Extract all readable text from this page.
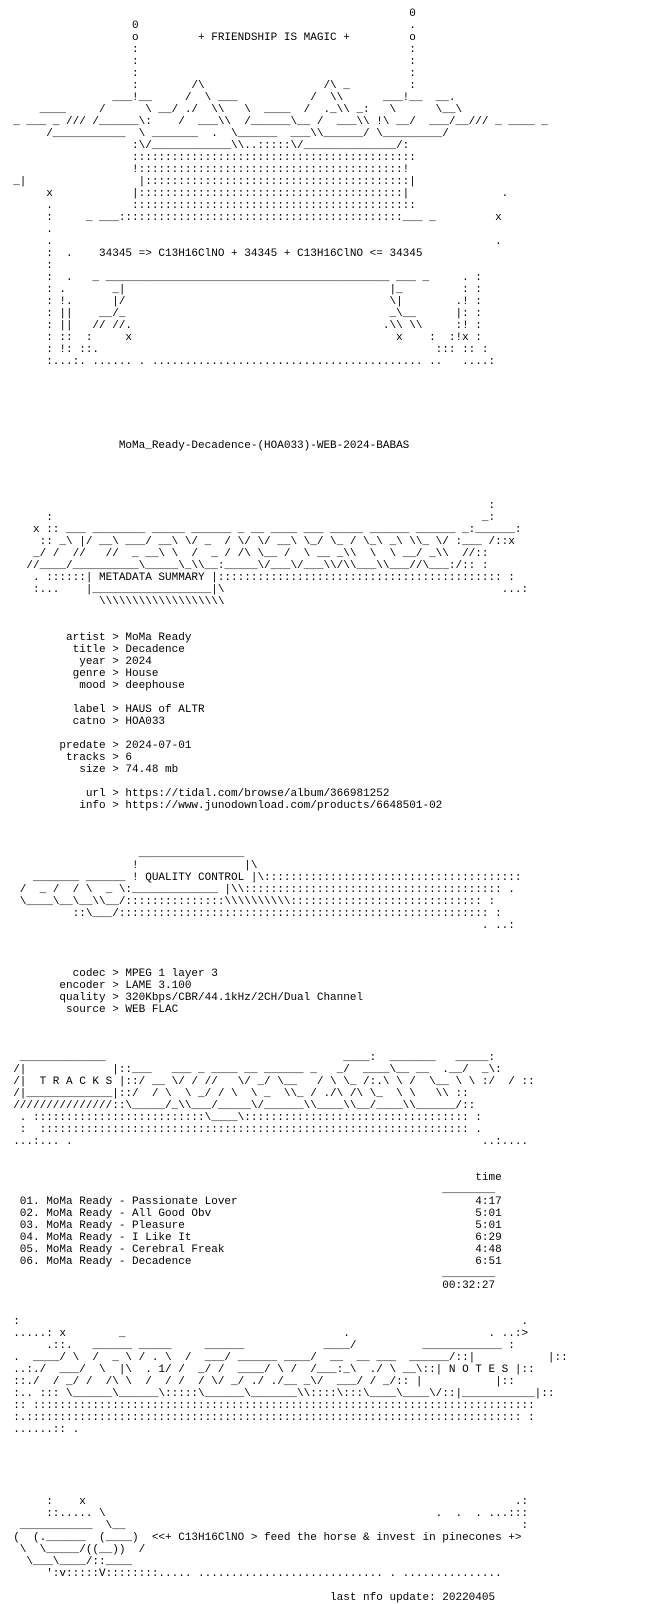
0
0                                         .
o         + FRIENDSHIP IS MAGIC +         o
:                                         :
:                                         :
:                                         :
:        /\                  /\ _         :
___!__     /  \ ___           /  \\      ___!__  __.
____     /      \ __/ ./  \\   \  ____  /  ._\\ _:   \      \__\
_ ___ _ /// /______\:    /  ___\\  /______\__ /  ___\\ !\ __/  ___/__/// _ ____ _
/___________  \ _______  .  \______  ___\\______/ \_________/
:\/____________\\..:::::\/______________/:
:::::::::::::::::::::::::::::::::::::::::::
!::::::::::::::::::::::::::::::::::::::::!
_|                 |::::::::::::::::::::::::::::::::::::::::|
x            |::::::::::::::::::::::::::::::::::::::::|              .
.            :::::::::::::::::::::::::::::::::::::::::::
:     _ ___:::::::::::::::::::::::::::::::::::::::::::___ _         x
.
.                                                                   .
:  .    34345 => C13H16ClNO + 34345 + C13H16ClNO <= 34345
:
:  .   _ ___________________________________________ ___ _     . :
: .       _|                                        |_         : :
: !.      |/                                        \|        .! :
: ||    __/_                                        _\__      |: :
: ||   // //.                                      .\\ \\     :! :
: ::  :     x                                        x    :  :!x :
: !: ::.                                                   ::: :: :
:...:. ...... . ......................................... ..   ....:

MoMa_Ready-Decadence-(HOA033)-WEB-2024-BABAS

:
:                                                                 _:
x :: ___ ________ _____ ______ _ __ ____ ___ _____ ______ ______ _:______:
:: _\ |/ __\ ___/ __\ \/ _  / \/ \/ __\ \_/ \_ / \_\ _\ \\_ \/ :___ /::x
_/ /  //   //  _ __\ \  /  _ / /\ \__ /  \ __ _\\  \  \ __/ _\\  //::
//____/__________\_____\_\\__:_____\/___\/___\\/\\___\\___//\___:/:: :
. ::::::| METADATA SUMMARY |::::::::::::::::::::::::::::::::::::::::::: :
:...    |__________________|\                                          ...:
\\\\\\\\\\\\\\\\\\\

artist > MoMa Ready
title > Decadence
year > 2024
genre > House
mood > deephouse

label > HAUS of ALTR
catno > HOA033

predate > 2024-07-01
tracks > 6
size > 74.48 mb

url > https://tidal.com/browse/album/366981252
info > https://www.junodownload.com/products/6648501-02

________________
!                |\
_______ ______ ! QUALITY CONTROL |\:::::::::::::::::::::::::::::::::::::::
/  _ /  / \  _ \:_____________ |\\::::::::::::::::::::::::::::::::::::::: .
\____\__\__\\__/:::::::::::::::\\\\\\\\\\::::::::::::::::::::::::::::: :
::\___/:::::::::::::::::::::::::::::::::::::::::::::::::::::::: :
. ..:

codec > MPEG 1 layer 3
encoder > LAME 3.100
quality > 320Kbps/CBR/44.1kHz/2CH/Dual Channel
source > WEB FLAC

_____________                                    ____:  _______   _____:
/|             |::___   ___ _ ____ __ ______ _   _/  ____\__ __  .__/  _\:
/|  T R A C K S |::/ __ \/ / //   \/ _/ \__   / \ \_ /:.\ \ /  \__ \ \ :/  / ::
/|_____________|::/  / \  \ _/ / \  \ _  \\_ / ./\ /\ \_  \ \   \\ ::
///////////////::\_____/_\\___/_____\/______\\____\\__/____\\______/::
. ::::::::::::::::::::::::::\____\:::::::::::::::::::::::::::::::::: :
:  ::::::::::::::::::::::::::::::::::::::::::::::::::::::::::::::::: .
...:... .                                                              ..:....

time
________
01. MoMa Ready - Passionate Lover                                    4:17
02. MoMa Ready - All Good Obv                                        5:01
03. MoMa Ready - Pleasure                                            5:01
04. MoMa Ready - I Like It                                           6:29
05. MoMa Ready - Cerebral Freak                                      4:48
06. MoMa Ready - Decadence                                           6:51
________
00:32:27

:                                                                            .
.....: x        _                                 .                     . ..:>
.::.   ______ _____     ______            ____/          ____________ :
.  ____/ \  /  _ \ / . \  /  ___/ ______ ____/  __  __ ___  ______/::|           |::
..:./  ___/  \  |\  . 1/ /  _/ /  ____/ \ /  /___:_\  ./ \ __\::| N O T E S |::
::./  / _/ /  /\ \  /  / /  / \/ _/ ./ ./__ _\/  ___/ / _/:: |           |::
:.. ::: \______\______\:::::\______\_______\\::::\:::\____\____\/::|___________|::
:: ::::::::::::::::::::::::::::::::::::::::::::::::::::::::::::::::::::::::::::
:.::::::::::::::::::::::::::::::::::::::::::::::::::::::::::::::::::::::::::: :
......:: .

:    x                                                                 .:
::..... \                                                  .  .  . ...:::
___________  \__                                                            :
(  (.______  (____)  <<+ C13H16ClNO > feed the horse & invest in pinecones +>
\  \_____/((__))  /
\___\____/::____
':v:::::V::::::::..... ............................ . ...............

last nfo update: 20220405
